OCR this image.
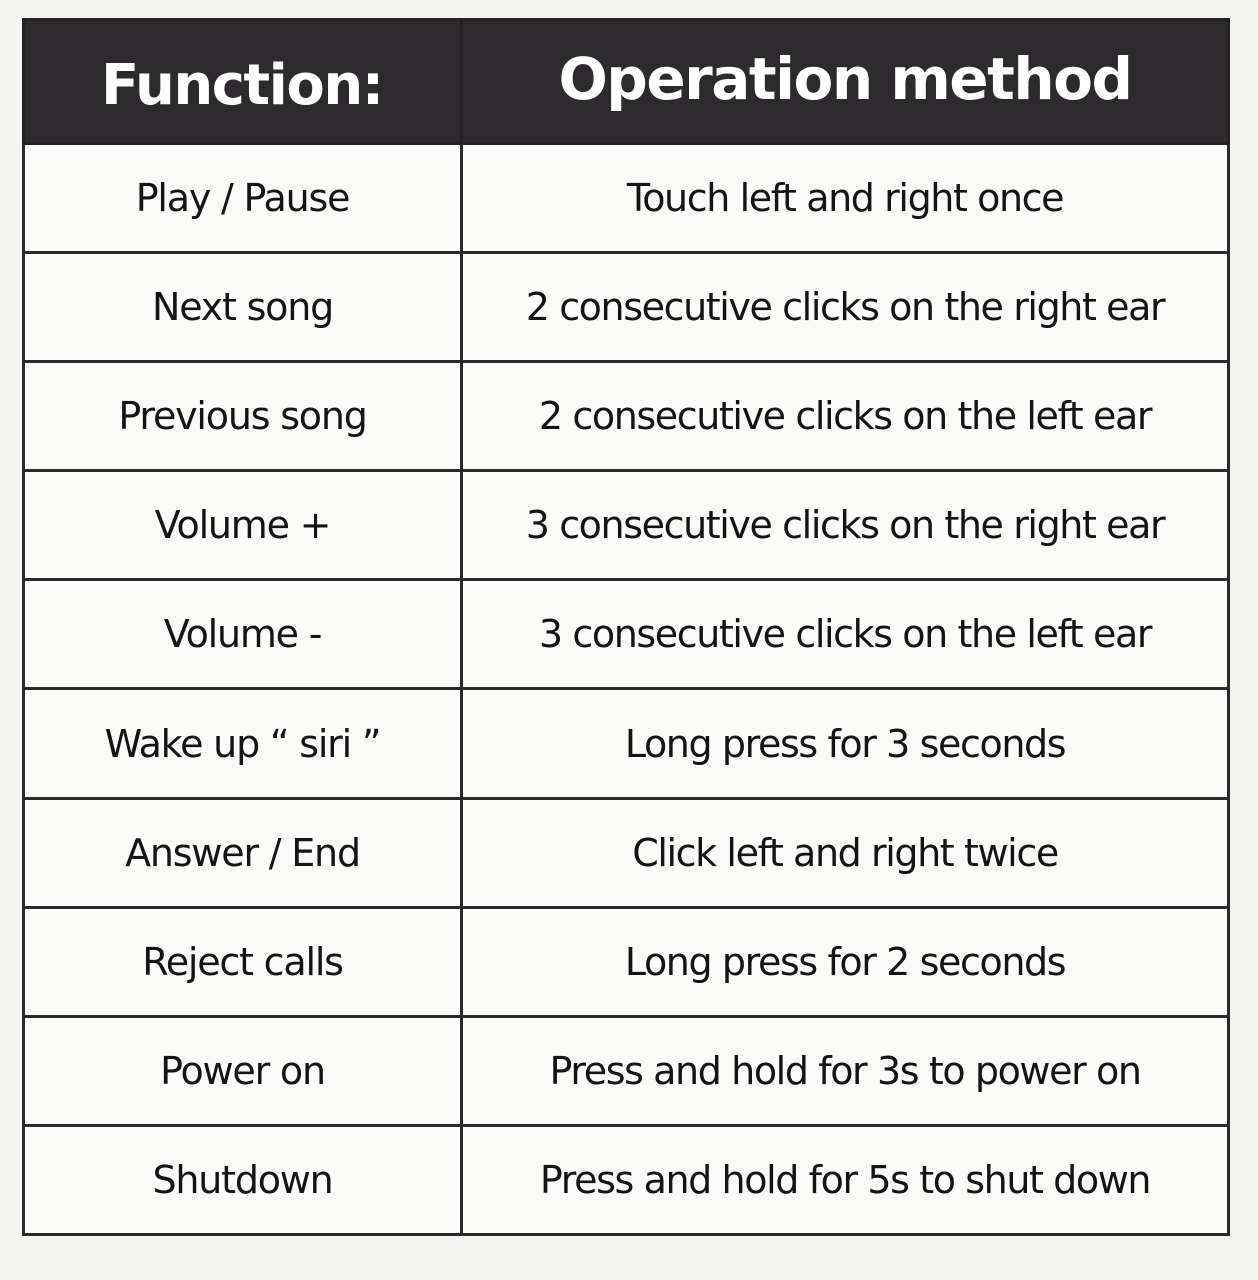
Function:	Operation method
Play / Pause	Touch left and right once
Next song	2 consecutive clicks on the right ear
Previous song	2 consecutive clicks on the left ear
Volume +	3 consecutive clicks on the right ear
Volume -	3 consecutive clicks on the left ear
Wake up “ siri ”	Long press for 3 seconds
Answer / End	Click left and right twice
Reject calls	Long press for 2 seconds
Power on	Press and hold for 3s to power on
Shutdown	Press and hold for 5s to shut down
